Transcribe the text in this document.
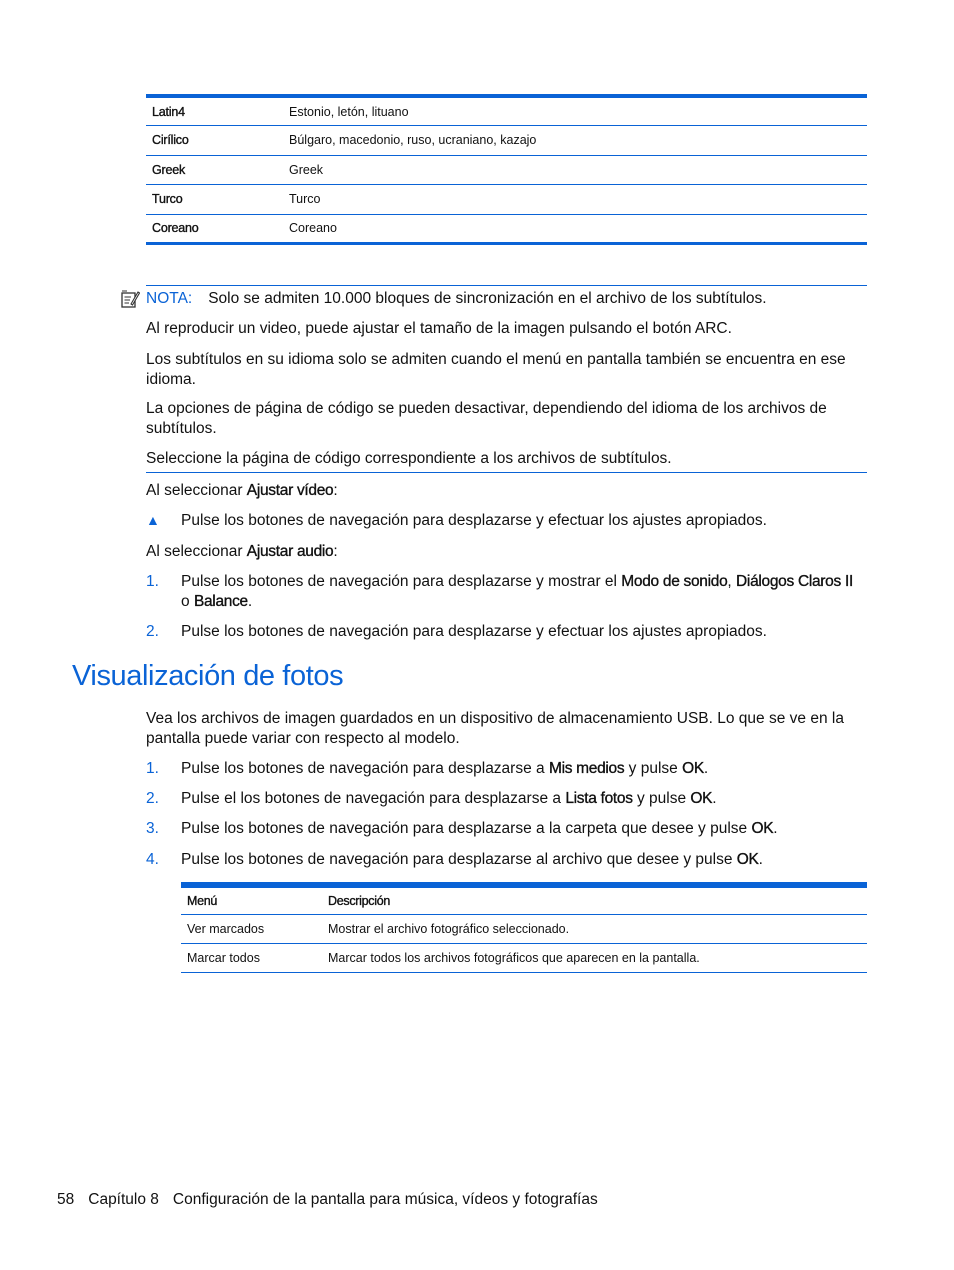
Latin4	Estonio, letón, lituano
Cirílico	Búlgaro, macedonio, ruso, ucraniano, kazajo
Greek	Greek
Turco	Turco
Coreano	Coreano

NOTA: Solo se admiten 10.000 bloques de sincronización en el archivo de los subtítulos.

Al reproducir un video, puede ajustar el tamaño de la imagen pulsando el botón ARC.

Los subtítulos en su idioma solo se admiten cuando el menú en pantalla también se encuentra en ese idioma.

La opciones de página de código se pueden desactivar, dependiendo del idioma de los archivos de subtítulos.

Seleccione la página de código correspondiente a los archivos de subtítulos.

Al seleccionar Ajustar vídeo:

▲ Pulse los botones de navegación para desplazarse y efectuar los ajustes apropiados.

Al seleccionar Ajustar audio:

1. Pulse los botones de navegación para desplazarse y mostrar el Modo de sonido, Diálogos Claros II o Balance.
2. Pulse los botones de navegación para desplazarse y efectuar los ajustes apropiados.
Visualización de fotos

Vea los archivos de imagen guardados en un dispositivo de almacenamiento USB. Lo que se ve en la pantalla puede variar con respecto al modelo.

1. Pulse los botones de navegación para desplazarse a Mis medios y pulse OK.
2. Pulse el los botones de navegación para desplazarse a Lista fotos y pulse OK.
3. Pulse los botones de navegación para desplazarse a la carpeta que desee y pulse OK.
4. Pulse los botones de navegación para desplazarse al archivo que desee y pulse OK.
Menú	Descripción
Ver marcados	Mostrar el archivo fotográfico seleccionado.
Marcar todos	Marcar todos los archivos fotográficos que aparecen en la pantalla.
58 Capítulo 8 Configuración de la pantalla para música, vídeos y fotografías
